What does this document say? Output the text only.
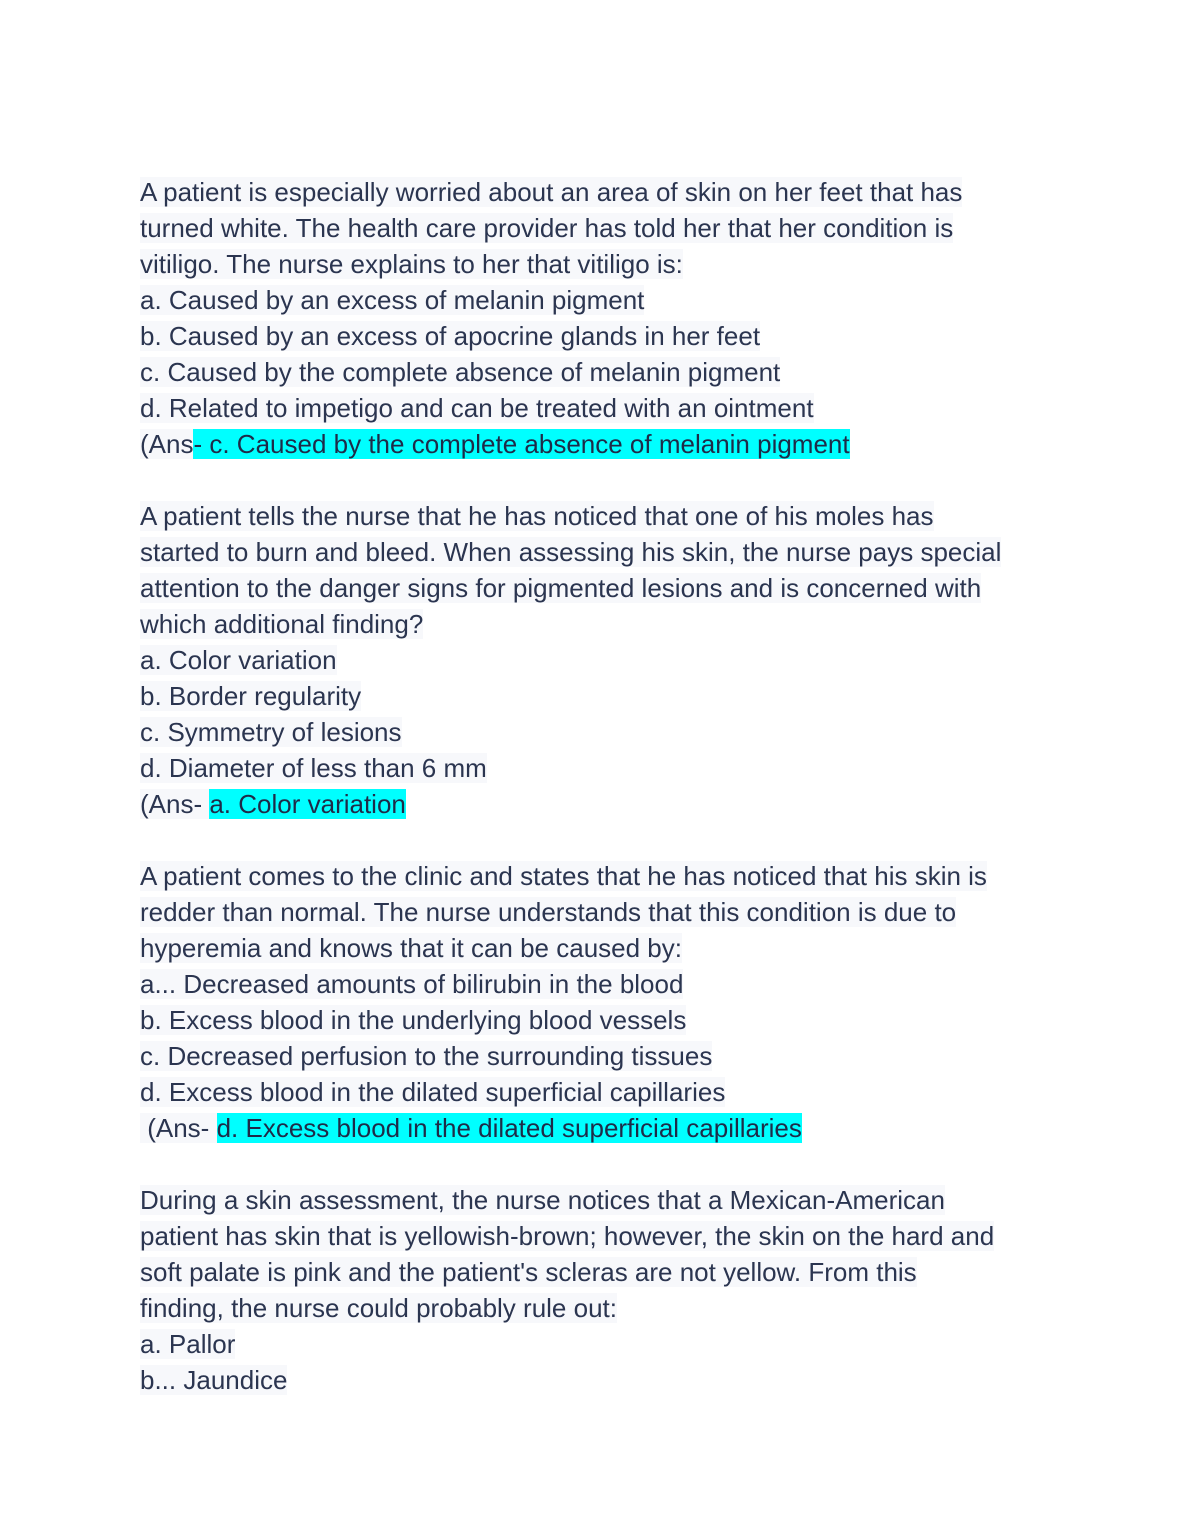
A patient is especially worried about an area of skin on her feet that has
turned white. The health care provider has told her that her condition is
vitiligo. The nurse explains to her that vitiligo is:
a. Caused by an excess of melanin pigment
b. Caused by an excess of apocrine glands in her feet
c. Caused by the complete absence of melanin pigment
d. Related to impetigo and can be treated with an ointment
(Ans- c. Caused by the complete absence of melanin pigment
A patient tells the nurse that he has noticed that one of his moles has
started to burn and bleed. When assessing his skin, the nurse pays special
attention to the danger signs for pigmented lesions and is concerned with
which additional finding?
a. Color variation
b. Border regularity
c. Symmetry of lesions
d. Diameter of less than 6 mm
(Ans- a. Color variation
A patient comes to the clinic and states that he has noticed that his skin is
redder than normal. The nurse understands that this condition is due to
hyperemia and knows that it can be caused by:
a... Decreased amounts of bilirubin in the blood
b. Excess blood in the underlying blood vessels
c. Decreased perfusion to the surrounding tissues
d. Excess blood in the dilated superficial capillaries
(Ans- d. Excess blood in the dilated superficial capillaries
During a skin assessment, the nurse notices that a Mexican-American
patient has skin that is yellowish-brown; however, the skin on the hard and
soft palate is pink and the patient's scleras are not yellow. From this
finding, the nurse could probably rule out:
a. Pallor
b... Jaundice
